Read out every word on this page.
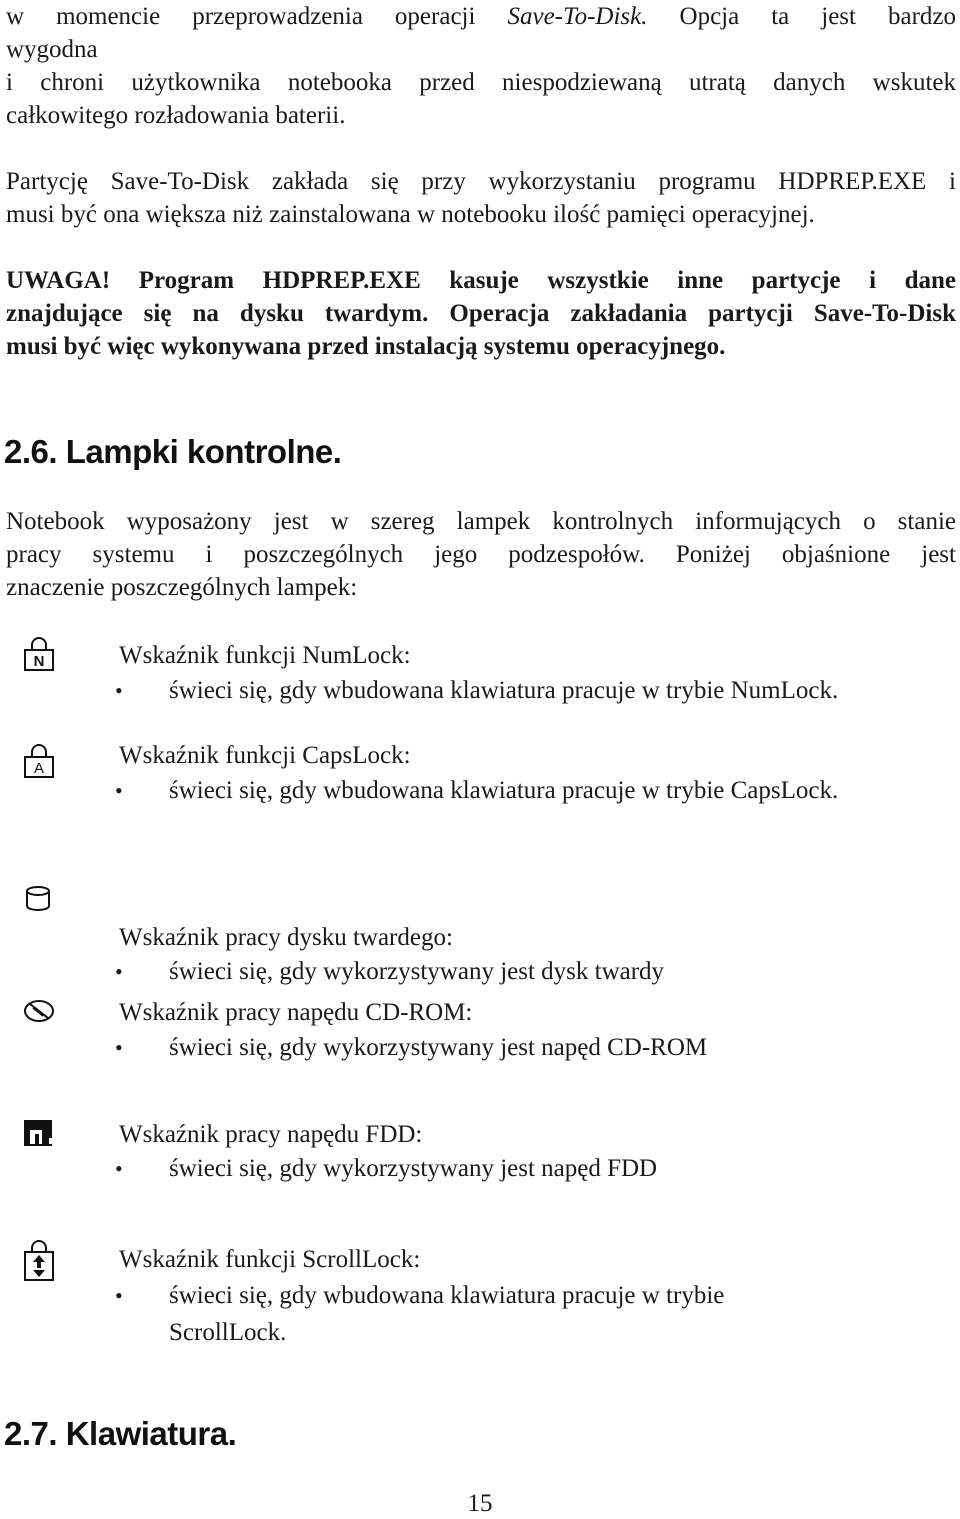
w momencie przeprowadzenia operacji Save-To-Disk. Opcja ta jest bardzo
wygodna
i chroni użytkownika notebooka przed niespodziewaną utratą danych wskutek
całkowitego rozładowania baterii.
Partycję Save-To-Disk zakłada się przy wykorzystaniu programu HDPREP.EXE i
musi być ona większa niż zainstalowana w notebooku ilość pamięci operacyjnej.
UWAGA! Program HDPREP.EXE kasuje wszystkie inne partycje i dane
znajdujące się na dysku twardym. Operacja zakładania partycji Save-To-Disk
musi być więc wykonywana przed instalacją systemu operacyjnego.
2.6. Lampki kontrolne.
Notebook wyposażony jest w szereg lampek kontrolnych informujących o stanie
pracy systemu i poszczególnych jego podzespołów. Poniżej objaśnione jest
znaczenie poszczególnych lampek:
N	Wskaźnik funkcji NumLock:
• świeci się, gdy wbudowana klawiatura pracuje w trybie NumLock.
A	Wskaźnik funkcji CapsLock:
• świeci się, gdy wbudowana klawiatura pracuje w trybie CapsLock.
Wskaźnik pracy dysku twardego:
• świeci się, gdy wykorzystywany jest dysk twardy
Wskaźnik pracy napędu CD-ROM:
• świeci się, gdy wykorzystywany jest napęd CD-ROM
Wskaźnik pracy napędu FDD:
• świeci się, gdy wykorzystywany jest napęd FDD
Wskaźnik funkcji ScrollLock:
• świeci się, gdy wbudowana klawiatura pracuje w trybie
ScrollLock.
2.7. Klawiatura.
15
